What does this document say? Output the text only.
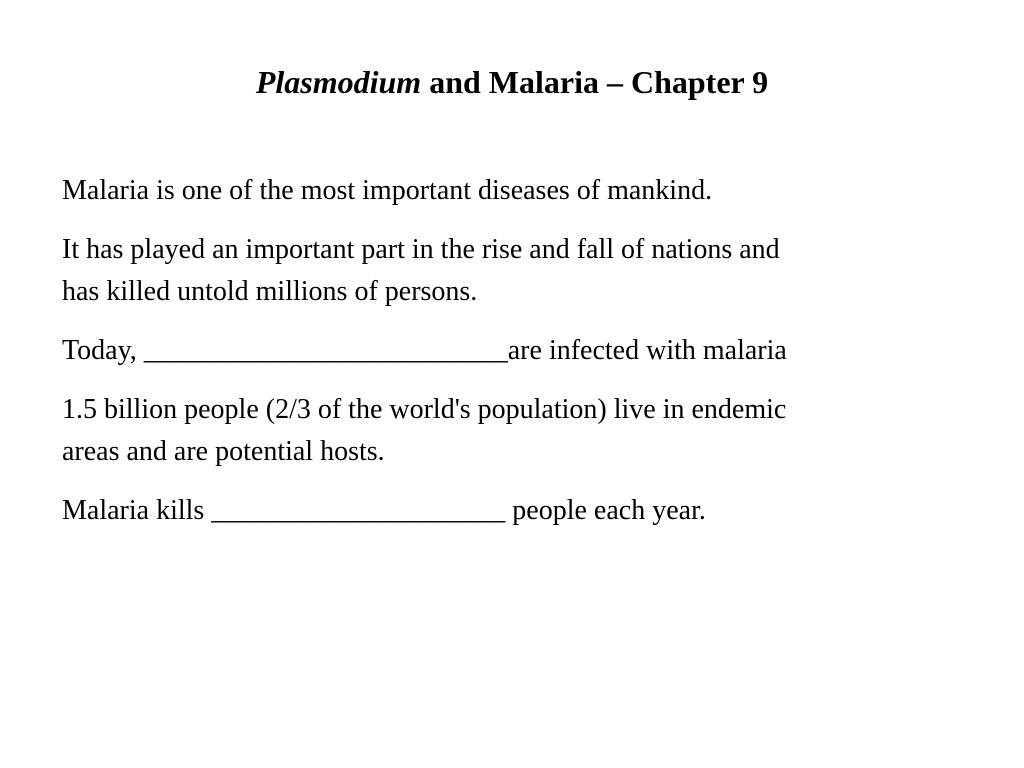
Plasmodium and Malaria – Chapter 9

Malaria is one of the most important diseases of mankind.

It has played an important part in the rise and fall of nations and
has killed untold millions of persons.

Today, __________________________are infected with malaria

1.5 billion people (2/3 of the world's population) live in endemic
areas and are potential hosts.

Malaria kills _____________________ people each year.
